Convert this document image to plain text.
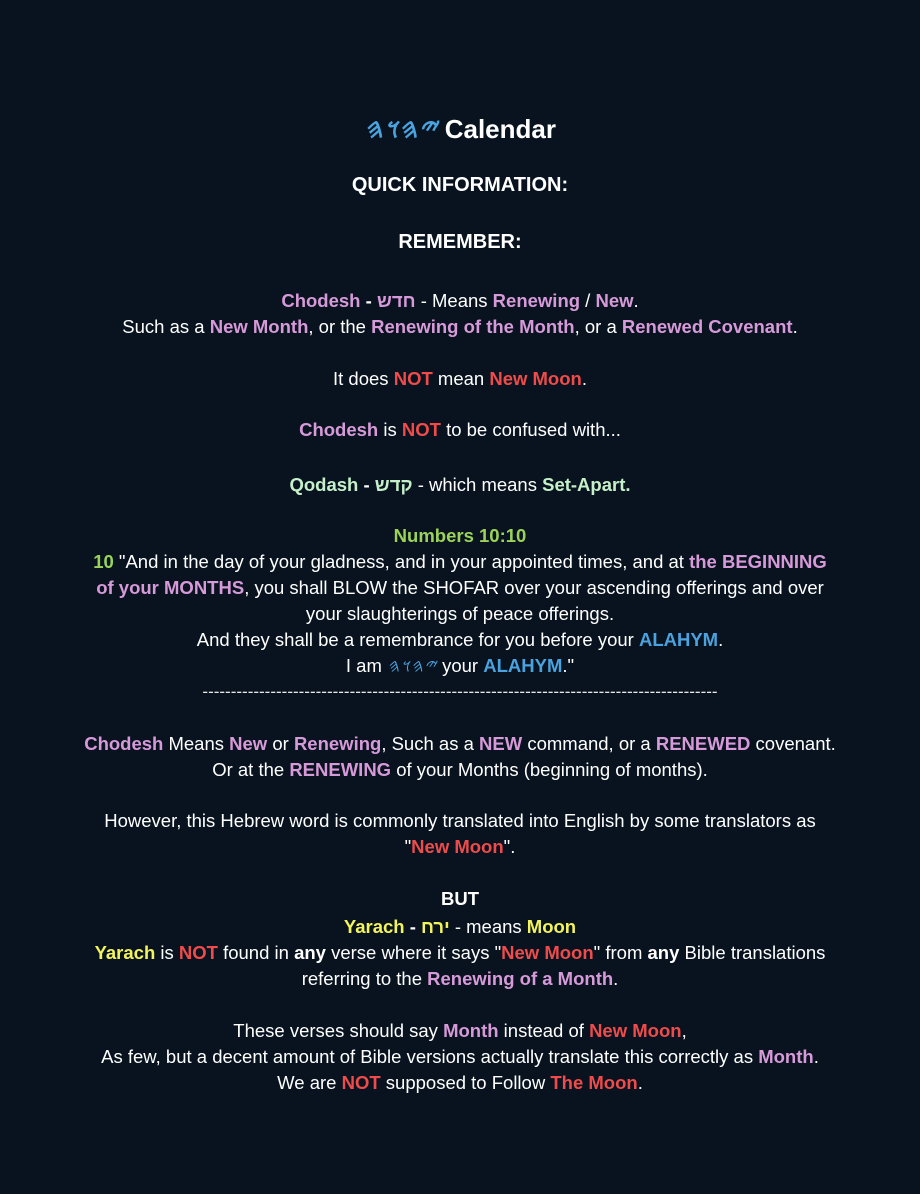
𐤉𐤄𐤅𐤄 Calendar
QUICK INFORMATION:
REMEMBER:
Chodesh - חדש - Means Renewing / New.
Such as a New Month, or the Renewing of the Month, or a Renewed Covenant.
It does NOT mean New Moon.
Chodesh is NOT to be confused with...
Qodash - קדש - which means Set-Apart.
Numbers 10:10
10 "And in the day of your gladness, and in your appointed times, and at the BEGINNING
of your MONTHS, you shall BLOW the SHOFAR over your ascending offerings and over
your slaughterings of peace offerings.
And they shall be a remembrance for you before your ALAHYM.
I am 𐤉𐤄𐤅𐤄 your ALAHYM."
-------------------------------------------------------------------------------------------
Chodesh Means New or Renewing, Such as a NEW command, or a RENEWED covenant.
Or at the RENEWING of your Months (beginning of months).
However, this Hebrew word is commonly translated into English by some translators as
"New Moon".
BUT
Yarach - ירח - means Moon
Yarach is NOT found in any verse where it says "New Moon" from any Bible translations
referring to the Renewing of a Month.
These verses should say Month instead of New Moon,
As few, but a decent amount of Bible versions actually translate this correctly as Month.
We are NOT supposed to Follow The Moon.
